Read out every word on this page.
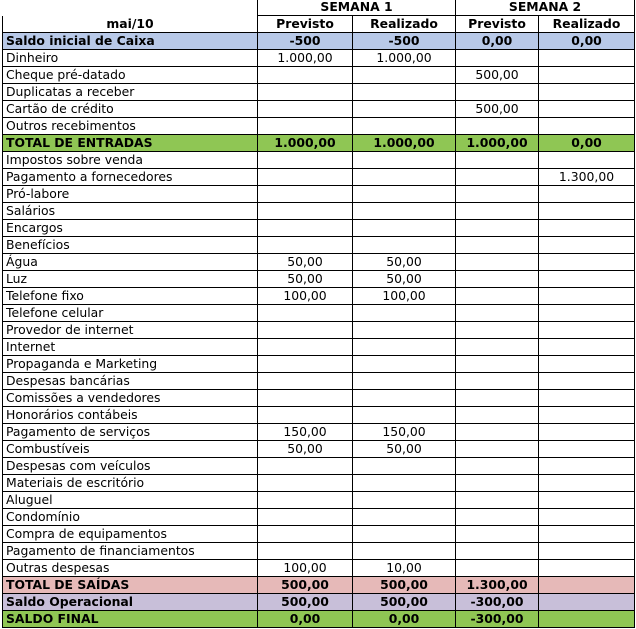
	SEMANA 1		SEMANA 2	
mai/10	Previsto	Realizado	Previsto	Realizado
Saldo inicial de Caixa	-500	-500	0,00	0,00
Dinheiro	1.000,00	1.000,00		
Cheque pré-datado			500,00	
Duplicatas a receber				
Cartão de crédito			500,00	
Outros recebimentos				
TOTAL DE ENTRADAS	1.000,00	1.000,00	1.000,00	0,00
Impostos sobre venda				
Pagamento a fornecedores				1.300,00
Pró-labore				
Salários				
Encargos				
Benefícios				
Água	50,00	50,00		
Luz	50,00	50,00		
Telefone fixo	100,00	100,00		
Telefone celular				
Provedor de internet				
Internet				
Propaganda e Marketing				
Despesas bancárias				
Comissões a vendedores				
Honorários contábeis				
Pagamento de serviços	150,00	150,00		
Combustíveis	50,00	50,00		
Despesas com veículos				
Materiais de escritório				
Aluguel				
Condomínio				
Compra de equipamentos				
Pagamento de financiamentos				
Outras despesas	100,00	10,00		
TOTAL DE SAÍDAS	500,00	500,00	1.300,00	
Saldo Operacional	500,00	500,00	-300,00	
SALDO FINAL	0,00	0,00	-300,00	
